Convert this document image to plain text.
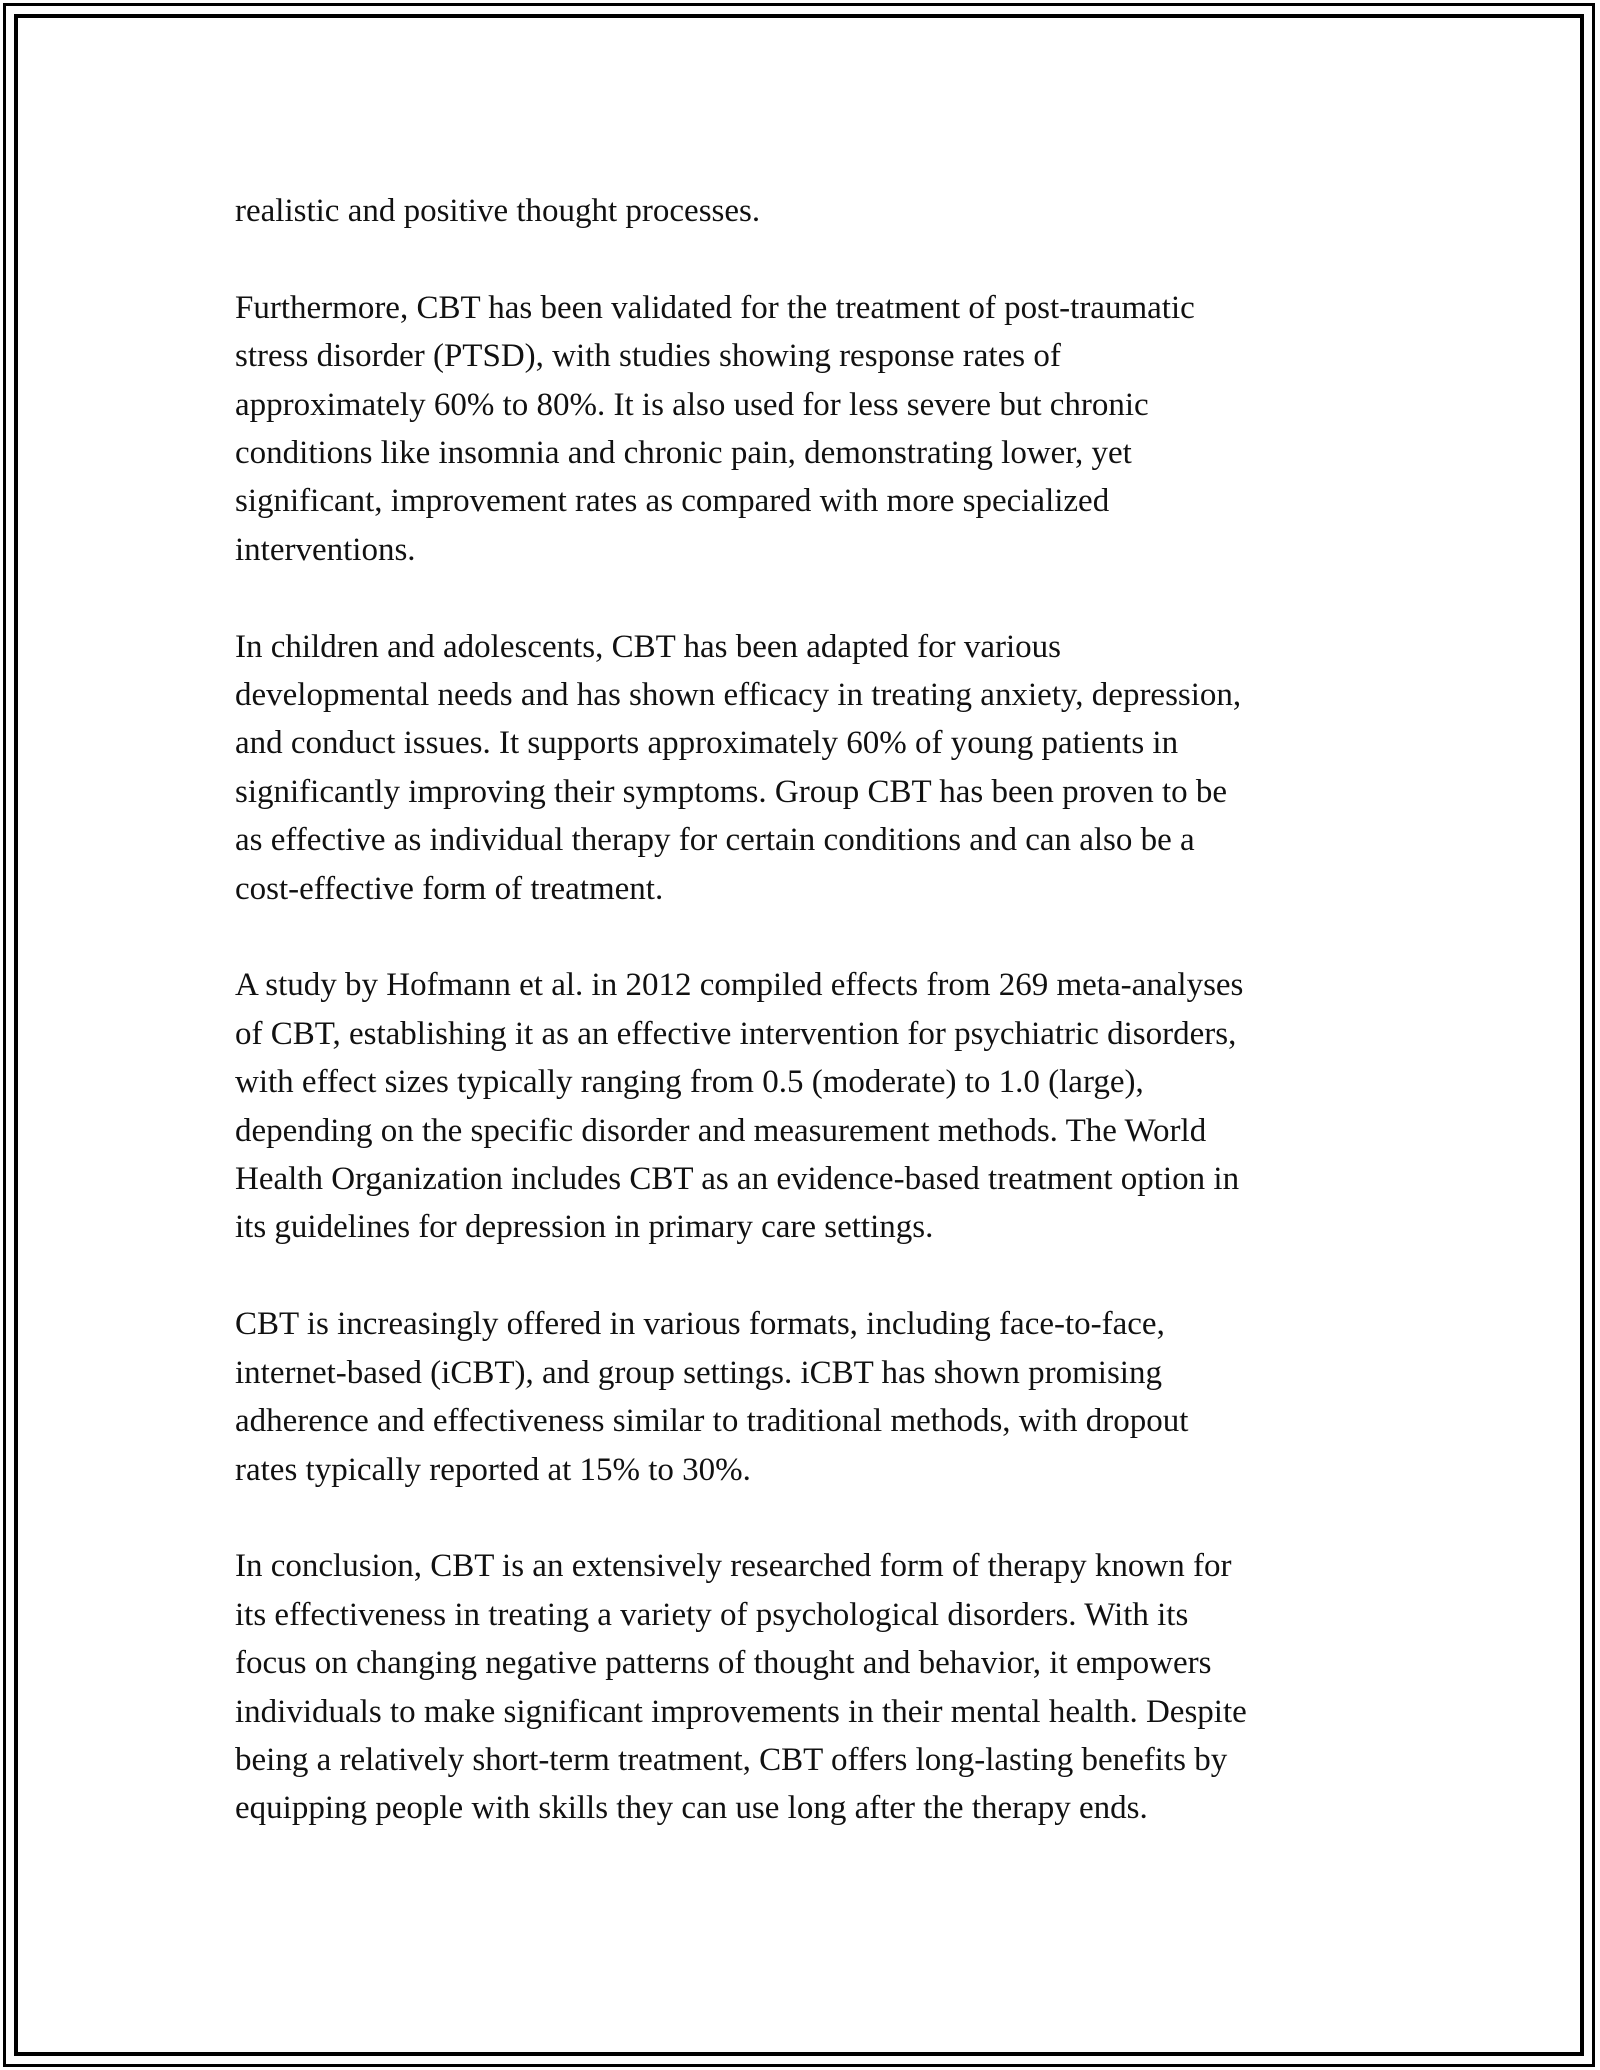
realistic and positive thought processes.

Furthermore, CBT has been validated for the treatment of post-traumatic
stress disorder (PTSD), with studies showing response rates of
approximately 60% to 80%. It is also used for less severe but chronic
conditions like insomnia and chronic pain, demonstrating lower, yet
significant, improvement rates as compared with more specialized
interventions.

In children and adolescents, CBT has been adapted for various
developmental needs and has shown efficacy in treating anxiety, depression,
and conduct issues. It supports approximately 60% of young patients in
significantly improving their symptoms. Group CBT has been proven to be
as effective as individual therapy for certain conditions and can also be a
cost-effective form of treatment.

A study by Hofmann et al. in 2012 compiled effects from 269 meta-analyses
of CBT, establishing it as an effective intervention for psychiatric disorders,
with effect sizes typically ranging from 0.5 (moderate) to 1.0 (large),
depending on the specific disorder and measurement methods. The World
Health Organization includes CBT as an evidence-based treatment option in
its guidelines for depression in primary care settings.

CBT is increasingly offered in various formats, including face-to-face,
internet-based (iCBT), and group settings. iCBT has shown promising
adherence and effectiveness similar to traditional methods, with dropout
rates typically reported at 15% to 30%.

In conclusion, CBT is an extensively researched form of therapy known for
its effectiveness in treating a variety of psychological disorders. With its
focus on changing negative patterns of thought and behavior, it empowers
individuals to make significant improvements in their mental health. Despite
being a relatively short-term treatment, CBT offers long-lasting benefits by
equipping people with skills they can use long after the therapy ends.
